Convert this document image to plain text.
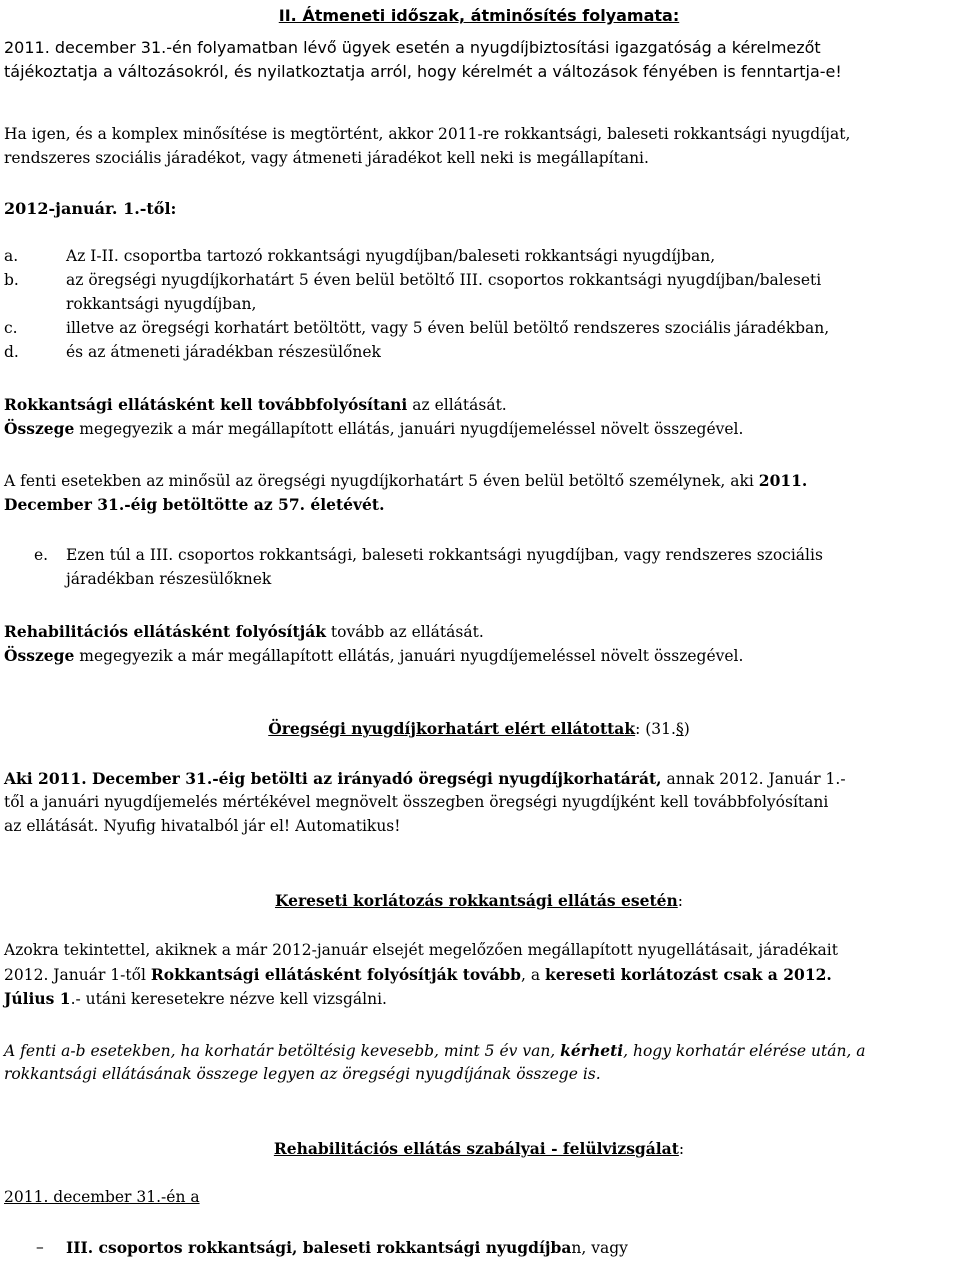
II. Átmeneti időszak, átminősítés folyamata:
2011. december 31.-én folyamatban lévő ügyek esetén a nyugdíjbiztosítási igazgatóság a kérelmezőt
tájékoztatja a változásokról, és nyilatkoztatja arról, hogy kérelmét a változások fényében is fenntartja-e!
Ha igen, és a komplex minősítése is megtörtént, akkor 2011-re rokkantsági, baleseti rokkantsági nyugdíjat,
rendszeres szociális járadékot, vagy átmeneti járadékot kell neki is megállapítani.
2012-január. 1.-től:
a.	Az I-II. csoportba tartozó rokkantsági nyugdíjban/baleseti rokkantsági nyugdíjban,
b.	az öregségi nyugdíjkorhatárt 5 éven belül betöltő III. csoportos rokkantsági nyugdíjban/baleseti
rokkantsági nyugdíjban,
c.	illetve az öregségi korhatárt betöltött, vagy 5 éven belül betöltő rendszeres szociális járadékban,
d.	és az átmeneti járadékban részesülőnek
Rokkantsági ellátásként kell továbbfolyósítani az ellátását.
Összege megegyezik a már megállapított ellátás, januári nyugdíjemeléssel növelt összegével.
A fenti esetekben az minősül az öregségi nyugdíjkorhatárt 5 éven belül betöltő személynek, aki 2011.
December 31.-éig betöltötte az 57. életévét.
e. Ezen túl a III. csoportos rokkantsági, baleseti rokkantsági nyugdíjban, vagy rendszeres szociális
járadékban részesülőknek
Rehabilitációs ellátásként folyósítják tovább az ellátását.
Összege megegyezik a már megállapított ellátás, januári nyugdíjemeléssel növelt összegével.
Öregségi nyugdíjkorhatárt elért ellátottak: (31.§)
Aki 2011. December 31.-éig betölti az irányadó öregségi nyugdíjkorhatárát, annak 2012. Január 1.-
től a januári nyugdíjemelés mértékével megnövelt összegben öregségi nyugdíjként kell továbbfolyósítani
az ellátását. Nyufig hivatalból jár el! Automatikus!
Kereseti korlátozás rokkantsági ellátás esetén:
Azokra tekintettel, akiknek a már 2012-január elsejét megelőzően megállapított nyugellátásait, járadékait
2012. Január 1-től Rokkantsági ellátásként folyósítják tovább, a kereseti korlátozást csak a 2012.
Július 1.- utáni keresetekre nézve kell vizsgálni.
A fenti a-b esetekben, ha korhatár betöltésig kevesebb, mint 5 év van, kérheti, hogy korhatár elérése után, a
rokkantsági ellátásának összege legyen az öregségi nyugdíjának összege is.
Rehabilitációs ellátás szabályai - felülvizsgálat:
2011. december 31.-én a
– III. csoportos rokkantsági, baleseti rokkantsági nyugdíjban, vagy
